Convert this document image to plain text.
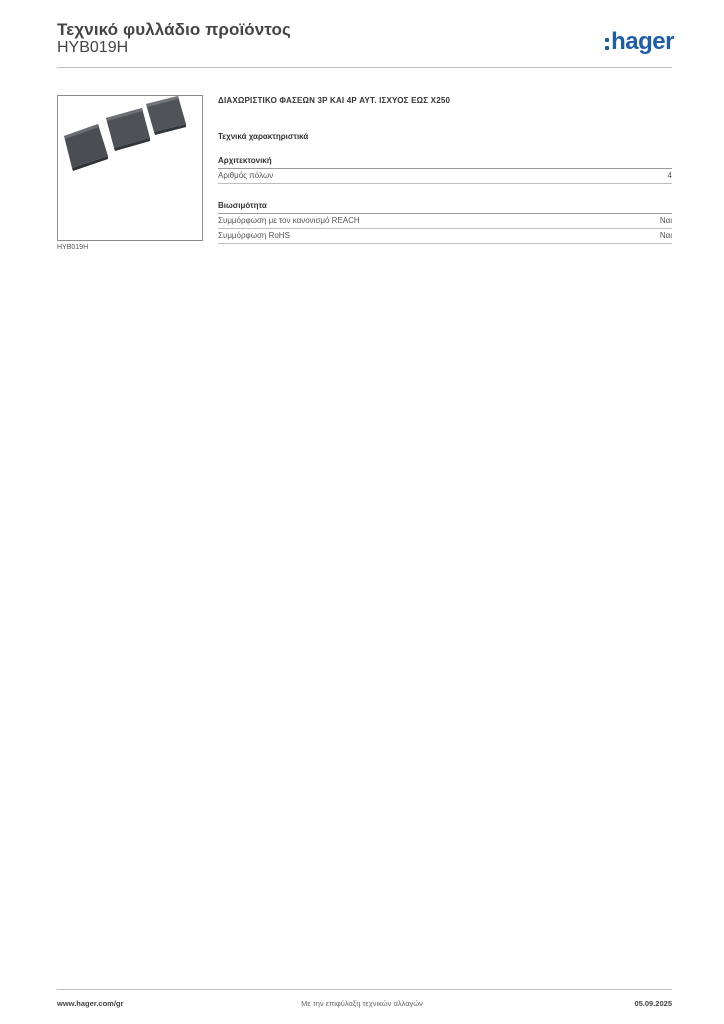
Τεχνικό φυλλάδιο προϊόντος
HYB019H	hager
HYB019H
ΔΙΑΧΩΡΙΣΤΙΚΟ ΦΑΣΕΩΝ 3P ΚΑΙ 4P ΑΥΤ. ΙΣΧΥΟΣ ΕΩΣ Χ250
Τεχνικά χαρακτηριστικά
Αρχιτεκτονική
Αριθμός πόλων	4
Βιωσιμότητα
Συμμόρφωση με τον κανονισμό REACH	Ναι
Συμμόρφωση RoHS	Ναι
www.hager.com/gr	Με την επιφύλαξη τεχνικών αλλαγών	05.09.2025
